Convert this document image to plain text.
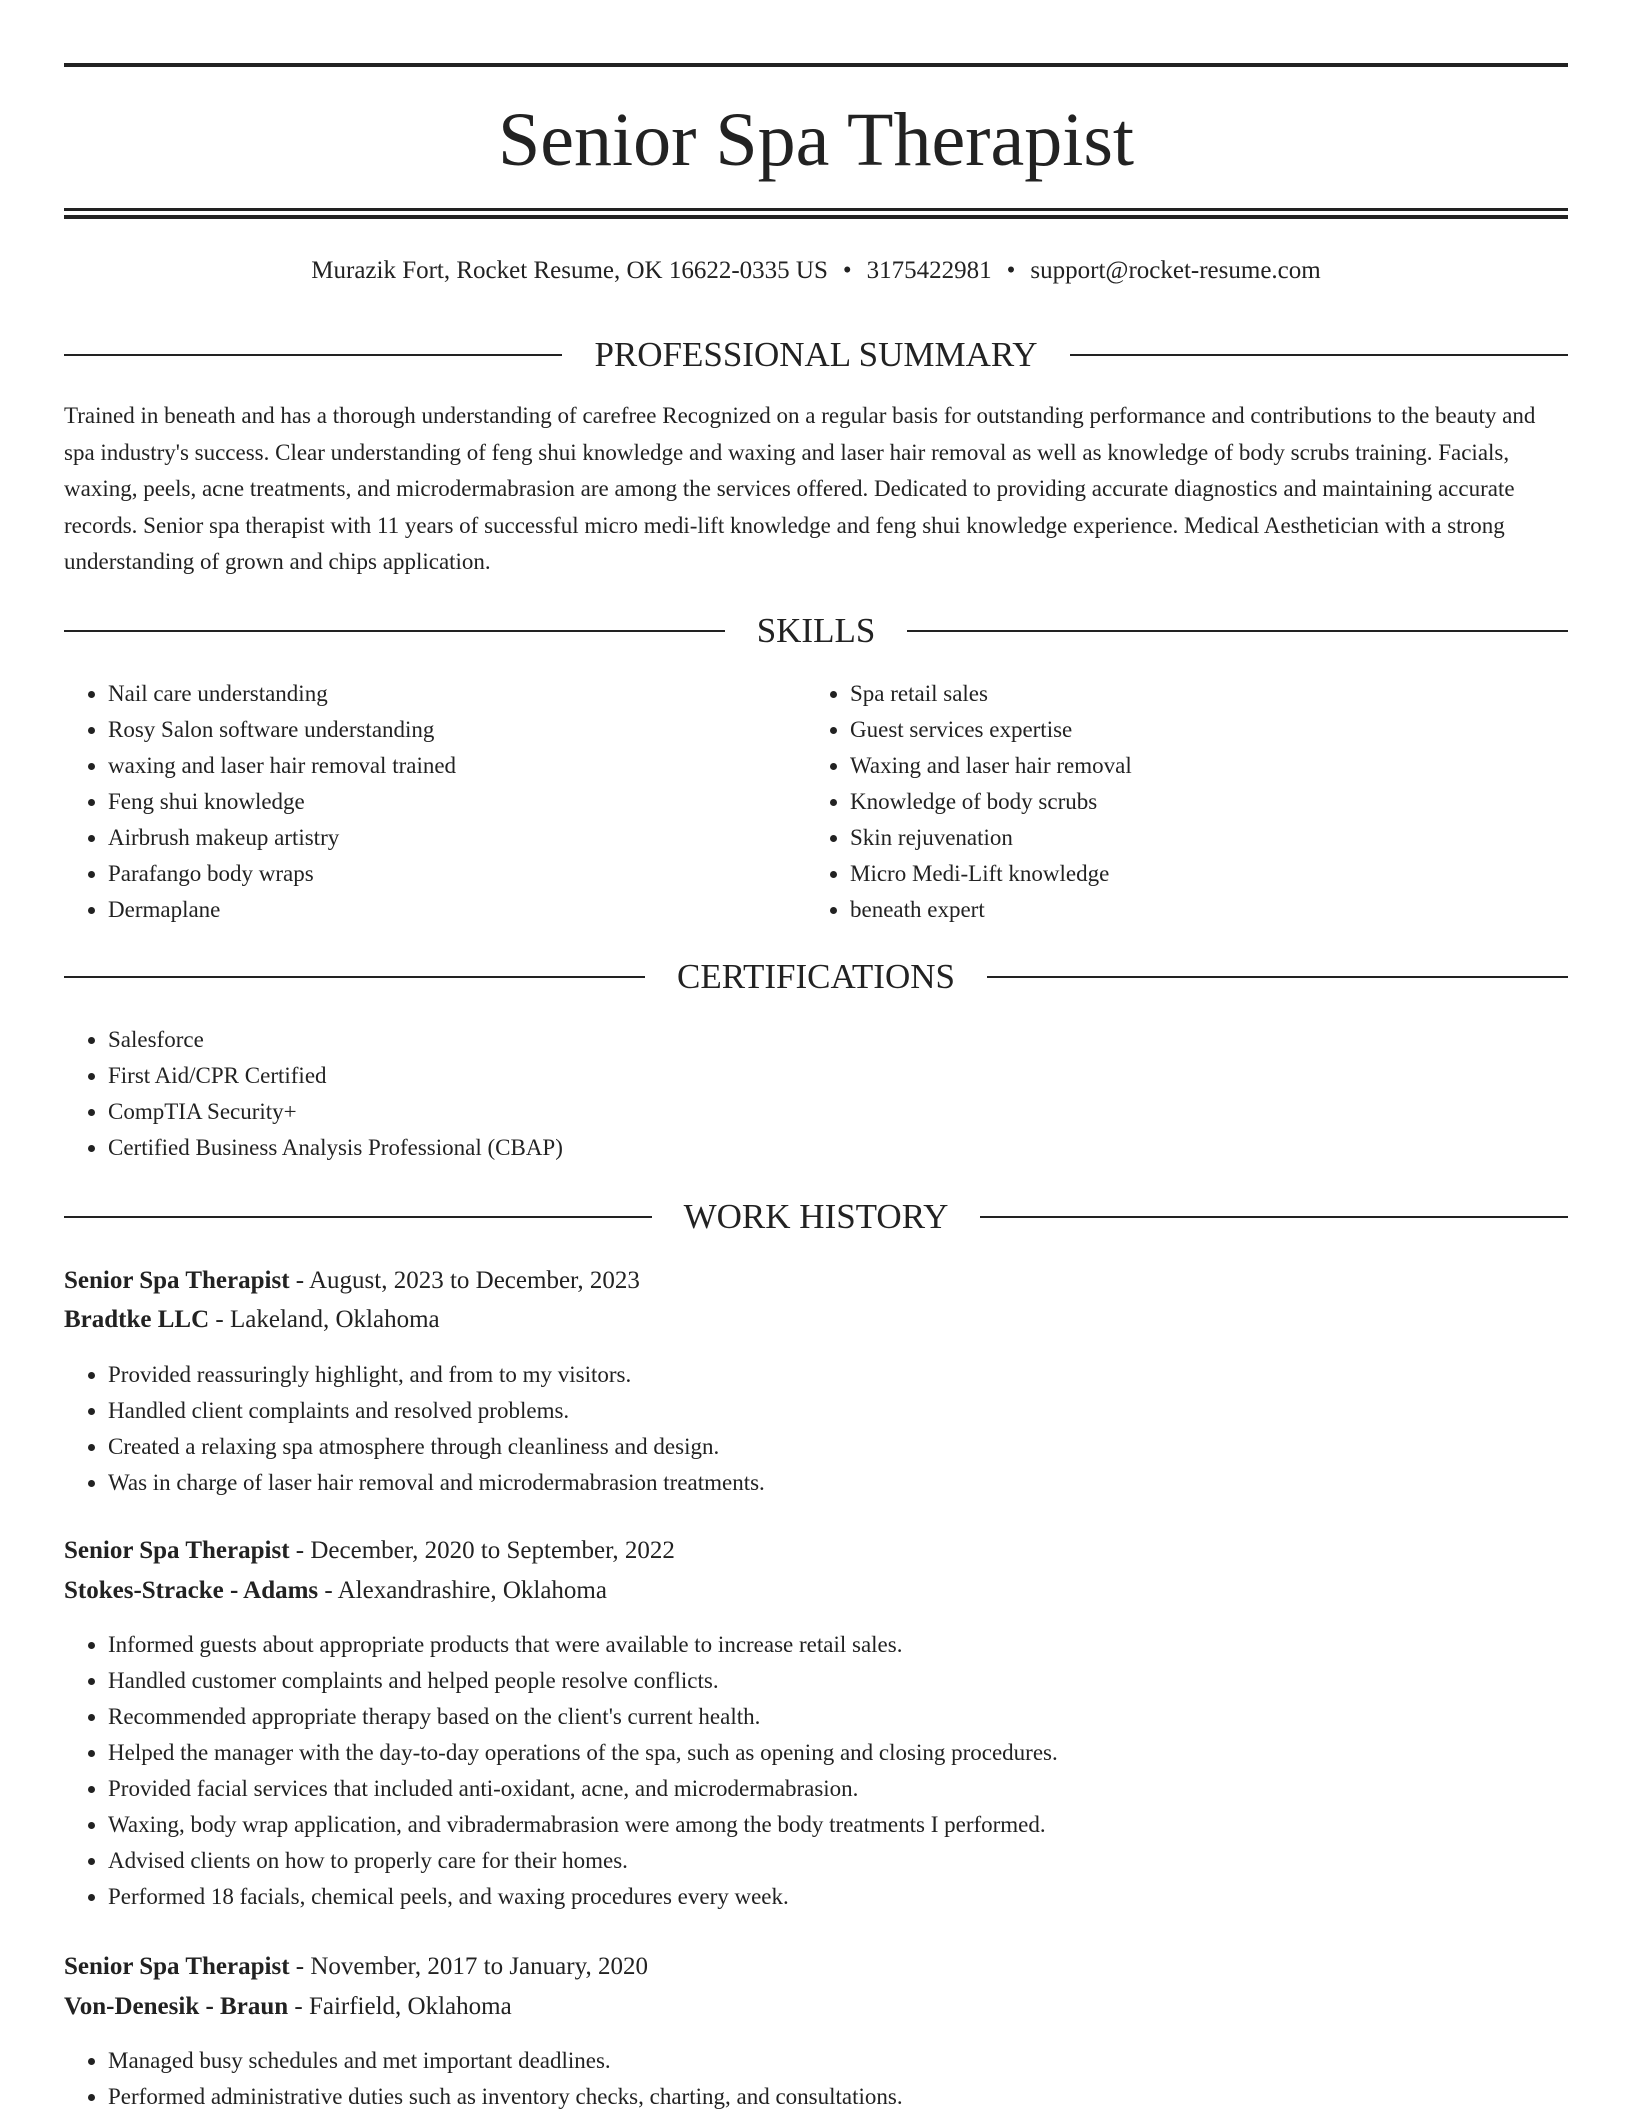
Senior Spa Therapist
Murazik Fort, Rocket Resume, OK 16622-0335 US • 3175422981 • support@rocket-resume.com
PROFESSIONAL SUMMARY

Trained in beneath and has a thorough understanding of carefree Recognized on a regular basis for outstanding performance and contributions to the beauty and spa industry's success. Clear understanding of feng shui knowledge and waxing and laser hair removal as well as knowledge of body scrubs training. Facials, waxing, peels, acne treatments, and microdermabrasion are among the services offered. Dedicated to providing accurate diagnostics and maintaining accurate records. Senior spa therapist with 11 years of successful micro medi-lift knowledge and feng shui knowledge experience. Medical Aesthetician with a strong understanding of grown and chips application.

SKILLS
• Nail care understanding
• Rosy Salon software understanding
• waxing and laser hair removal trained
• Feng shui knowledge
• Airbrush makeup artistry
• Parafango body wraps
• Dermaplane
• Spa retail sales
• Guest services expertise
• Waxing and laser hair removal
• Knowledge of body scrubs
• Skin rejuvenation
• Micro Medi-Lift knowledge
• beneath expert
CERTIFICATIONS
• Salesforce
• First Aid/CPR Certified
• CompTIA Security+
• Certified Business Analysis Professional (CBAP)
WORK HISTORY
Senior Spa Therapist - August, 2023 to December, 2023
Bradtke LLC - Lakeland, Oklahoma
• Provided reassuringly highlight, and from to my visitors.
• Handled client complaints and resolved problems.
• Created a relaxing spa atmosphere through cleanliness and design.
• Was in charge of laser hair removal and microdermabrasion treatments.
Senior Spa Therapist - December, 2020 to September, 2022
Stokes-Stracke - Adams - Alexandrashire, Oklahoma
• Informed guests about appropriate products that were available to increase retail sales.
• Handled customer complaints and helped people resolve conflicts.
• Recommended appropriate therapy based on the client's current health.
• Helped the manager with the day-to-day operations of the spa, such as opening and closing procedures.
• Provided facial services that included anti-oxidant, acne, and microdermabrasion.
• Waxing, body wrap application, and vibradermabrasion were among the body treatments I performed.
• Advised clients on how to properly care for their homes.
• Performed 18 facials, chemical peels, and waxing procedures every week.
Senior Spa Therapist - November, 2017 to January, 2020
Von-Denesik - Braun - Fairfield, Oklahoma
• Managed busy schedules and met important deadlines.
• Performed administrative duties such as inventory checks, charting, and consultations.
